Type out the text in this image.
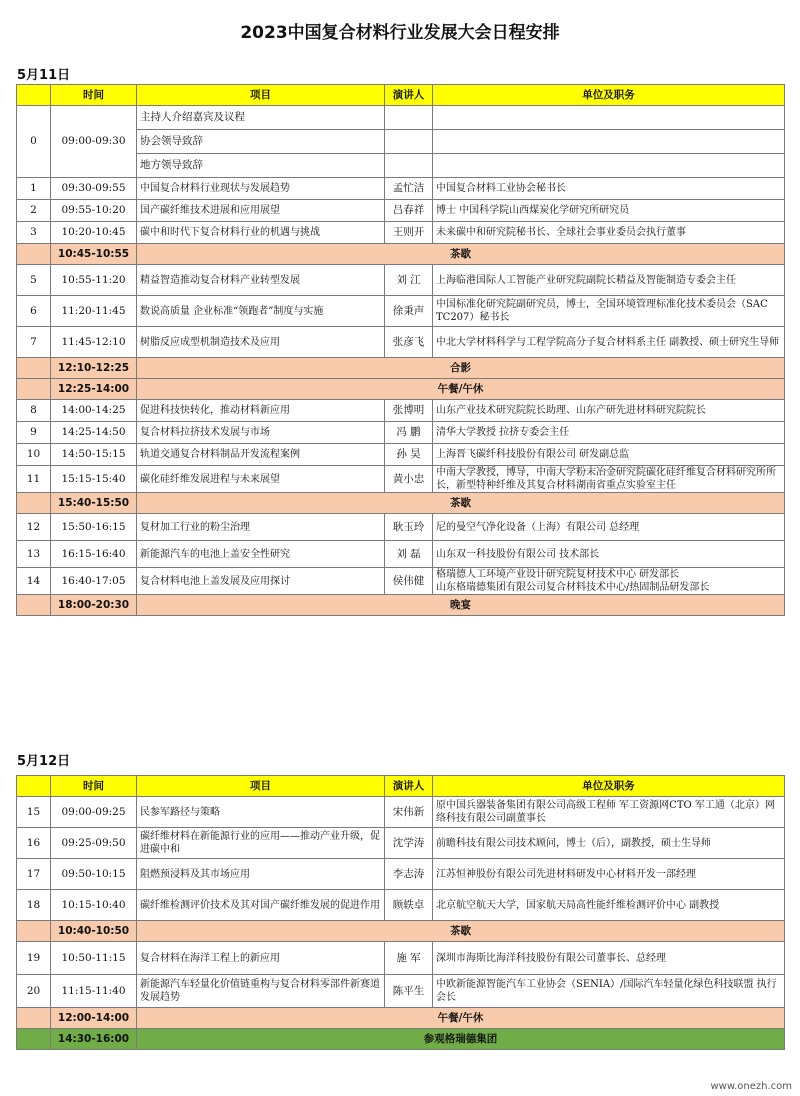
2023中国复合材料行业发展大会日程安排
5月11日
	时间	项目	演讲人	单位及职务
0	09:00-09:30	主持人介绍嘉宾及议程		
		协会领导致辞		
		地方领导致辞		
1	09:30-09:55	中国复合材料行业现状与发展趋势	孟忙洁	中国复合材料工业协会秘书长
2	09:55-10:20	国产碳纤维技术进展和应用展望	吕春祥	博士 中国科学院山西煤炭化学研究所研究员
3	10:20-10:45	碳中和时代下复合材料行业的机遇与挑战	王则开	未来碳中和研究院秘书长、全球社会事业委员会执行董事
	10:45-10:55	茶歇		
5	10:55-11:20	精益智造推动复合材料产业转型发展	刘 江	上海临港国际人工智能产业研究院副院长精益及智能制造专委会主任
6	11:20-11:45	数说高质量 企业标准“领跑者”制度与实施	徐秉声	中国标准化研究院副研究员，博士，全国环境管理标准化技术委员会（SAC TC207）秘书长
7	11:45-12:10	树脂反应成型机制造技术及应用	张彦飞	中北大学材料科学与工程学院高分子复合材料系主任 副教授、硕士研究生导师
	12:10-12:25	合影		
	12:25-14:00	午餐/午休		
8	14:00-14:25	促进科技快转化，推动材料新应用	张博明	山东产业技术研究院院长助理、山东产研先进材料研究院院长
9	14:25-14:50	复合材料拉挤技术发展与市场	冯 鹏	清华大学教授 拉挤专委会主任
10	14:50-15:15	轨道交通复合材料制品开发流程案例	孙 昊	上海晋飞碳纤科技股份有限公司 研发副总监
11	15:15-15:40	碳化硅纤维发展进程与未来展望	黄小忠	中南大学教授，博导，中南大学粉末冶金研究院碳化硅纤维复合材料研究所所长，新型特种纤维及其复合材料湖南省重点实验室主任
	15:40-15:50	茶歇		
12	15:50-16:15	复材加工行业的粉尘治理	耿玉玲	尼的曼空气净化设备（上海）有限公司 总经理
13	16:15-16:40	新能源汽车的电池上盖安全性研究	刘 磊	山东双一科技股份有限公司 技术部长
14	16:40-17:05	复合材料电池上盖发展及应用探讨	侯伟健	格瑞德人工环境产业设计研究院复材技术中心 研发部长
山东格瑞德集团有限公司复合材料技术中心/热固制品研发部长
	18:00-20:30	晚宴		
5月12日
	时间	项目	演讲人	单位及职务
15	09:00-09:25	民参军路径与策略	宋伟新	原中国兵器装备集团有限公司高级工程师 军工资源网CTO 军工通（北京）网络科技有限公司副董事长
16	09:25-09:50	碳纤维材料在新能源行业的应用——推动产业升级，促进碳中和	沈学涛	前瞻科技有限公司技术顾问，博士（后），副教授，硕士生导师
17	09:50-10:15	阻燃预浸料及其市场应用	李志涛	江苏恒神股份有限公司先进材料研发中心材料开发一部经理
18	10:15-10:40	碳纤维检测评价技术及其对国产碳纤维发展的促进作用	顾轶卓	北京航空航天大学，国家航天局高性能纤维检测评价中心 副教授
	10:40-10:50	茶歇		
19	10:50-11:15	复合材料在海洋工程上的新应用	施 军	深圳市海斯比海洋科技股份有限公司董事长、总经理
20	11:15-11:40	新能源汽车轻量化价值链重构与复合材料零部件新赛道发展趋势	陈平生	中欧新能源智能汽车工业协会（SENIA）/国际汽车轻量化绿色科技联盟 执行会长
	12:00-14:00	午餐/午休		
	14:30-16:00	参观格瑞德集团		
www.onezh.com
